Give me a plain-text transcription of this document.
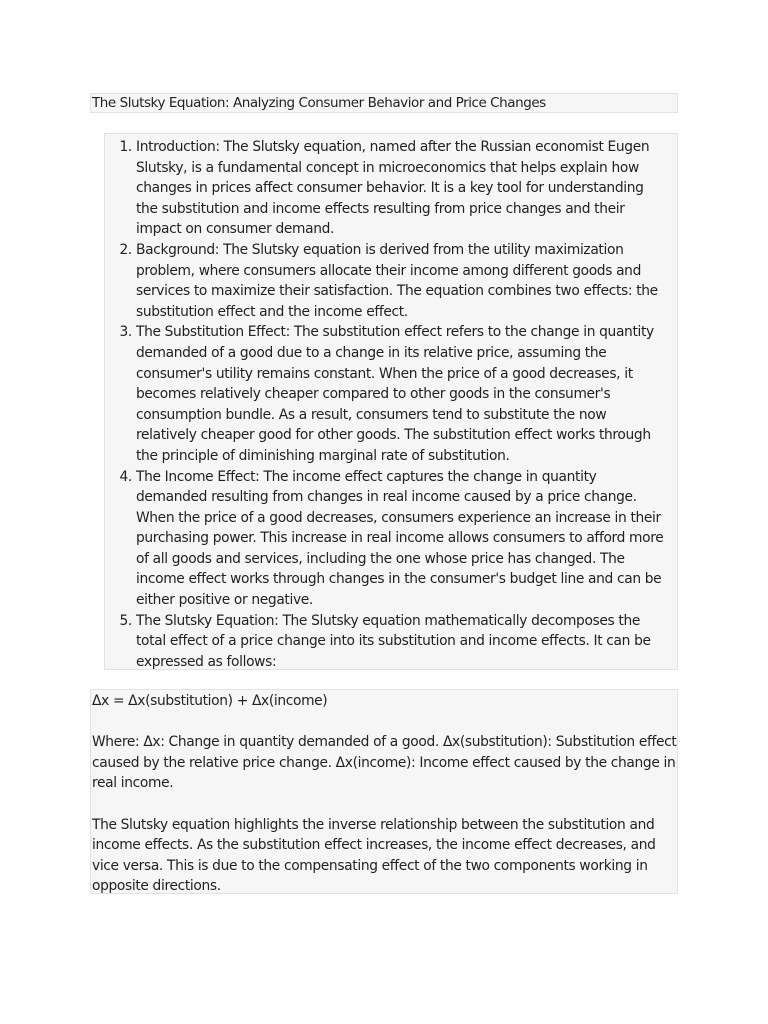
The Slutsky Equation: Analyzing Consumer Behavior and Price Changes
1. Introduction: The Slutsky equation, named after the Russian economist Eugen Slutsky, is a fundamental concept in microeconomics that helps explain how changes in prices affect consumer behavior. It is a key tool for understanding the substitution and income effects resulting from price changes and their impact on consumer demand.
2. Background: The Slutsky equation is derived from the utility maximization problem, where consumers allocate their income among different goods and services to maximize their satisfaction. The equation combines two effects: the substitution effect and the income effect.
3. The Substitution Effect: The substitution effect refers to the change in quantity demanded of a good due to a change in its relative price, assuming the consumer's utility remains constant. When the price of a good decreases, it becomes relatively cheaper compared to other goods in the consumer's consumption bundle. As a result, consumers tend to substitute the now relatively cheaper good for other goods. The substitution effect works through the principle of diminishing marginal rate of substitution.
4. The Income Effect: The income effect captures the change in quantity demanded resulting from changes in real income caused by a price change. When the price of a good decreases, consumers experience an increase in their purchasing power. This increase in real income allows consumers to afford more of all goods and services, including the one whose price has changed. The income effect works through changes in the consumer's budget line and can be either positive or negative.
5. The Slutsky Equation: The Slutsky equation mathematically decomposes the total effect of a price change into its substitution and income effects. It can be expressed as follows:

Δx = Δx(substitution) + Δx(income)

Where: Δx: Change in quantity demanded of a good. Δx(substitution): Substitution effect caused by the relative price change. Δx(income): Income effect caused by the change in real income.

The Slutsky equation highlights the inverse relationship between the substitution and income effects. As the substitution effect increases, the income effect decreases, and vice versa. This is due to the compensating effect of the two components working in opposite directions.
